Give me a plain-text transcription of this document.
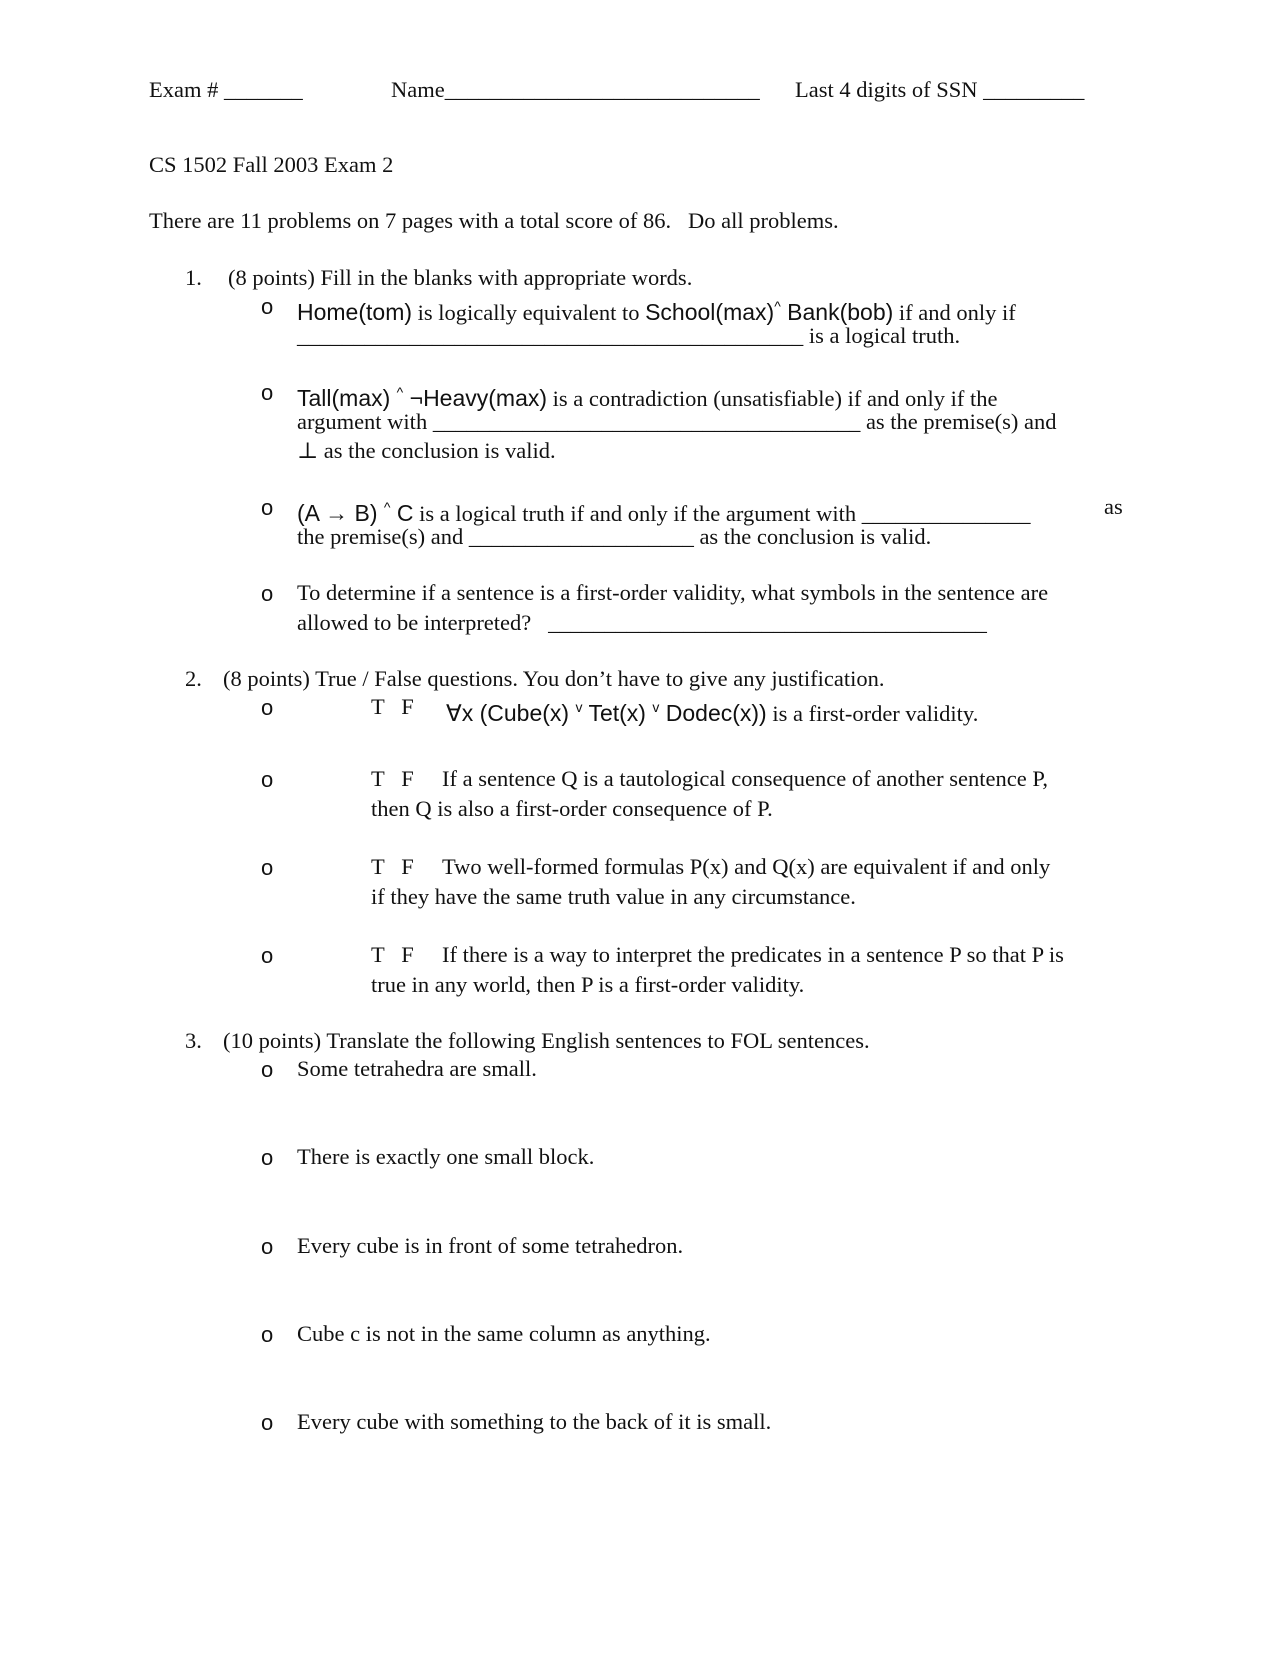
Exam # _______	Name____________________________ Last 4 digits of SSN _________
CS 1502 Fall 2003 Exam 2
There are 11 problems on 7 pages with a total score of 86.   Do all problems.
1. (8 points) Fill in the blanks with appropriate words.
o Home(tom) is logically equivalent to School(max)^ Bank(bob) if and only if
_____________________________________________ is a logical truth.
o Tall(max) ^ ¬Heavy(max) is a contradiction (unsatisfiable) if and only if the
argument with ______________________________________ as the premise(s) and
⊥ as the conclusion is valid.
o (A → B) ^ C is a logical truth if and only if the argument with _______________	as
the premise(s) and ____________________ as the conclusion is valid.
o To determine if a sentence is a first-order validity, what symbols in the sentence are
allowed to be interpreted?   _______________________________________
2. (8 points) True / False questions. You don’t have to give any justification.
o	T   F ∀x (Cube(x) $^v$ Tet(x) $^v$ Dodec(x)) is a first-order validity.
o	T   F If a sentence Q is a tautological consequence of another sentence P,
then Q is also a first-order consequence of P.
o	T   F Two well-formed formulas P(x) and Q(x) are equivalent if and only
if they have the same truth value in any circumstance.
o	T   F If there is a way to interpret the predicates in a sentence P so that P is
true in any world, then P is a first-order validity.
3. (10 points) Translate the following English sentences to FOL sentences.
o Some tetrahedra are small.
o There is exactly one small block.
o Every cube is in front of some tetrahedron.
o Cube c is not in the same column as anything.
o Every cube with something to the back of it is small.
